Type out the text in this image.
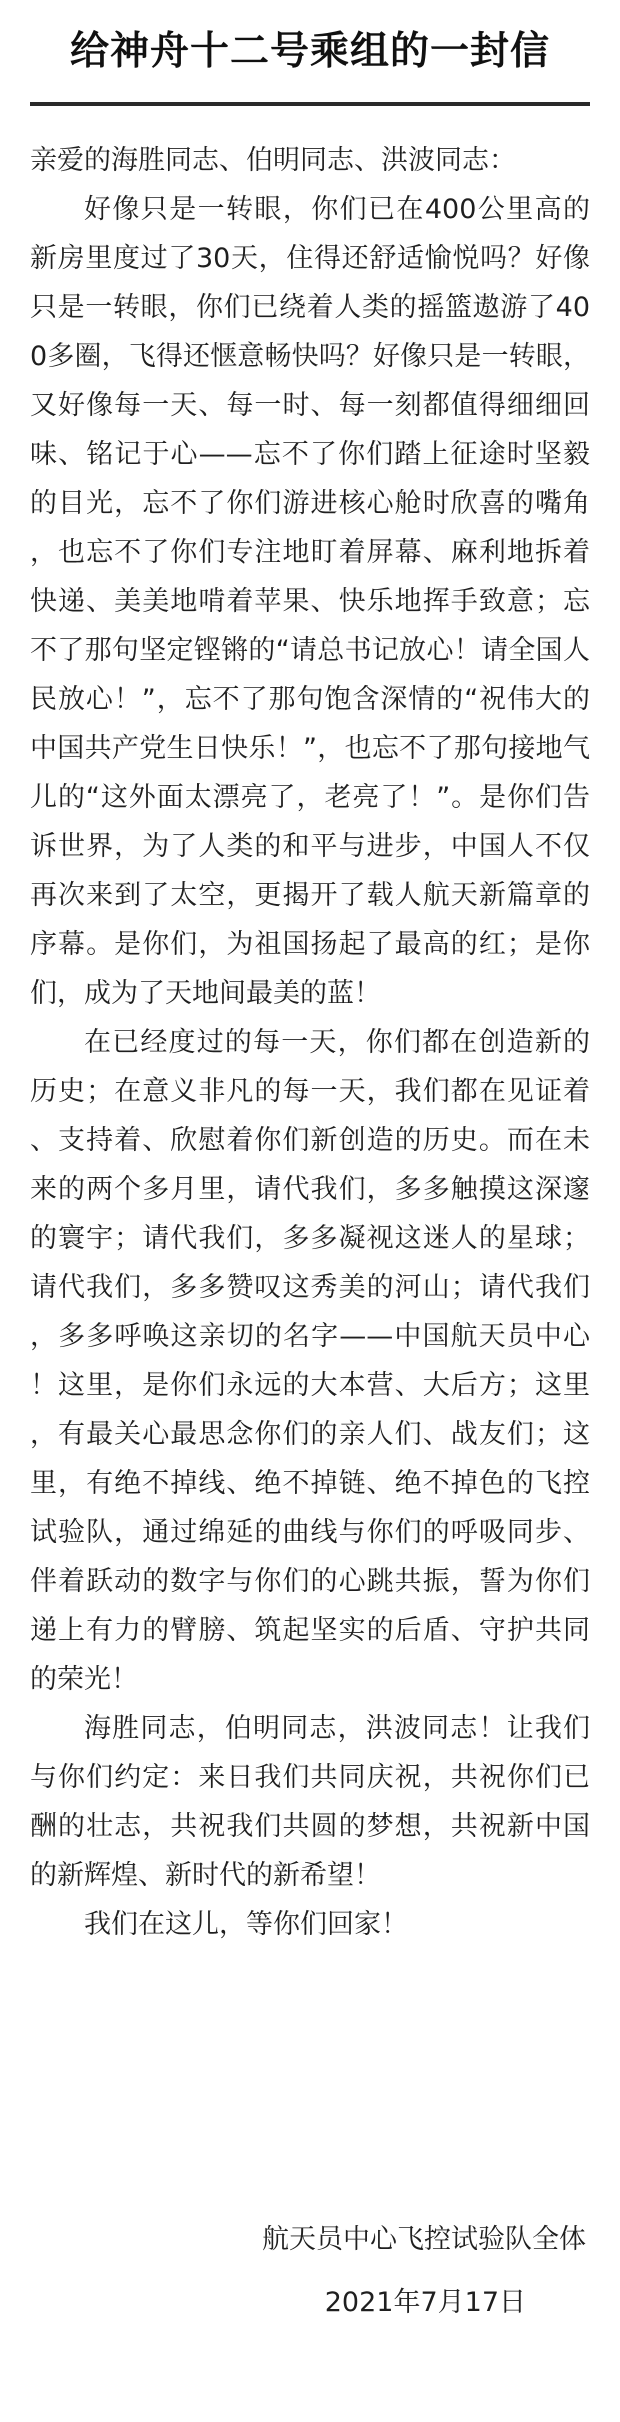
给神舟十二号乘组的一封信

亲爱的海胜同志、伯明同志、洪波同志：

好像只是一转眼，你们已在400公里高的新房里度过了30天，住得还舒适愉悦吗？好像只是一转眼，你们已绕着人类的摇篮遨游了400多圈，飞得还惬意畅快吗？好像只是一转眼，又好像每一天、每一时、每一刻都值得细细回味、铭记于心——忘不了你们踏上征途时坚毅的目光，忘不了你们游进核心舱时欣喜的嘴角，也忘不了你们专注地盯着屏幕、麻利地拆着快递、美美地啃着苹果、快乐地挥手致意；忘不了那句坚定铿锵的“请总书记放心！请全国人民放心！”，忘不了那句饱含深情的“祝伟大的中国共产党生日快乐！”，也忘不了那句接地气儿的“这外面太漂亮了，老亮了！”。是你们告诉世界，为了人类的和平与进步，中国人不仅再次来到了太空，更揭开了载人航天新篇章的序幕。是你们，为祖国扬起了最高的红；是你们，成为了天地间最美的蓝！

在已经度过的每一天，你们都在创造新的历史；在意义非凡的每一天，我们都在见证着、支持着、欣慰着你们新创造的历史。而在未来的两个多月里，请代我们，多多触摸这深邃的寰宇；请代我们，多多凝视这迷人的星球；请代我们，多多赞叹这秀美的河山；请代我们，多多呼唤这亲切的名字——中国航天员中心！这里，是你们永远的大本营、大后方；这里，有最关心最思念你们的亲人们、战友们；这里，有绝不掉线、绝不掉链、绝不掉色的飞控试验队，通过绵延的曲线与你们的呼吸同步、伴着跃动的数字与你们的心跳共振，誓为你们递上有力的臂膀、筑起坚实的后盾、守护共同的荣光！

海胜同志，伯明同志，洪波同志！让我们与你们约定：来日我们共同庆祝，共祝你们已酬的壮志，共祝我们共圆的梦想，共祝新中国的新辉煌、新时代的新希望！

我们在这儿，等你们回家！

航天员中心飞控试验队全体

2021年7月17日
